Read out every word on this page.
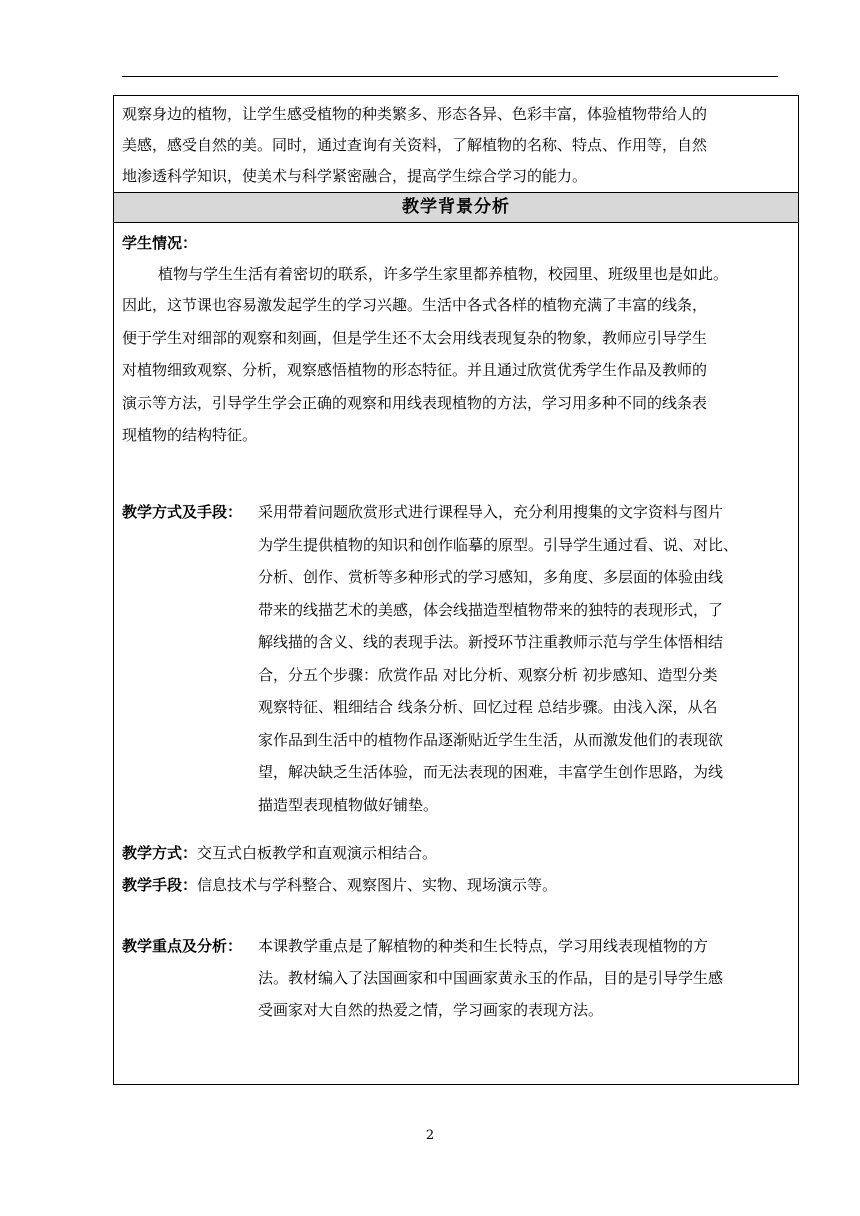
教学背景分析
观察身边的植物，让学生感受植物的种类繁多、形态各异、色彩丰富，体验植物带给人的
美感，感受自然的美。同时，通过查询有关资料，了解植物的名称、特点、作用等，自然
地渗透科学知识，使美术与科学紧密融合，提高学生综合学习的能力。
学生情况：
植物与学生生活有着密切的联系，许多学生家里都养植物，校园里、班级里也是如此。
因此，这节课也容易激发起学生的学习兴趣。生活中各式各样的植物充满了丰富的线条，
便于学生对细部的观察和刻画，但是学生还不太会用线表现复杂的物象，教师应引导学生
对植物细致观察、分析，观察感悟植物的形态特征。并且通过欣赏优秀学生作品及教师的
演示等方法，引导学生学会正确的观察和用线表现植物的方法，学习用多种不同的线条表
现植物的结构特征。
教学方式及手段： 采用带着问题欣赏形式进行课程导入，充分利用搜集的文字资料与图片
为学生提供植物的知识和创作临摹的原型。引导学生通过看、说、对比、
分析、创作、赏析等多种形式的学习感知，多角度、多层面的体验由线
带来的线描艺术的美感，体会线描造型植物带来的独特的表现形式，了
解线描的含义、线的表现手法。新授环节注重教师示范与学生体悟相结
合，分五个步骤：欣赏作品 对比分析、观察分析 初步感知、造型分类
观察特征、粗细结合 线条分析、回忆过程 总结步骤。由浅入深，从名
家作品到生活中的植物作品逐渐贴近学生生活，从而激发他们的表现欲
望，解决缺乏生活体验，而无法表现的困难，丰富学生创作思路，为线
描造型表现植物做好铺垫。
教学方式：交互式白板教学和直观演示相结合。
教学手段：信息技术与学科整合、观察图片、实物、现场演示等。
教学重点及分析： 本课教学重点是了解植物的种类和生长特点，学习用线表现植物的方
法。教材编入了法国画家和中国画家黄永玉的作品，目的是引导学生感
受画家对大自然的热爱之情，学习画家的表现方法。
2
